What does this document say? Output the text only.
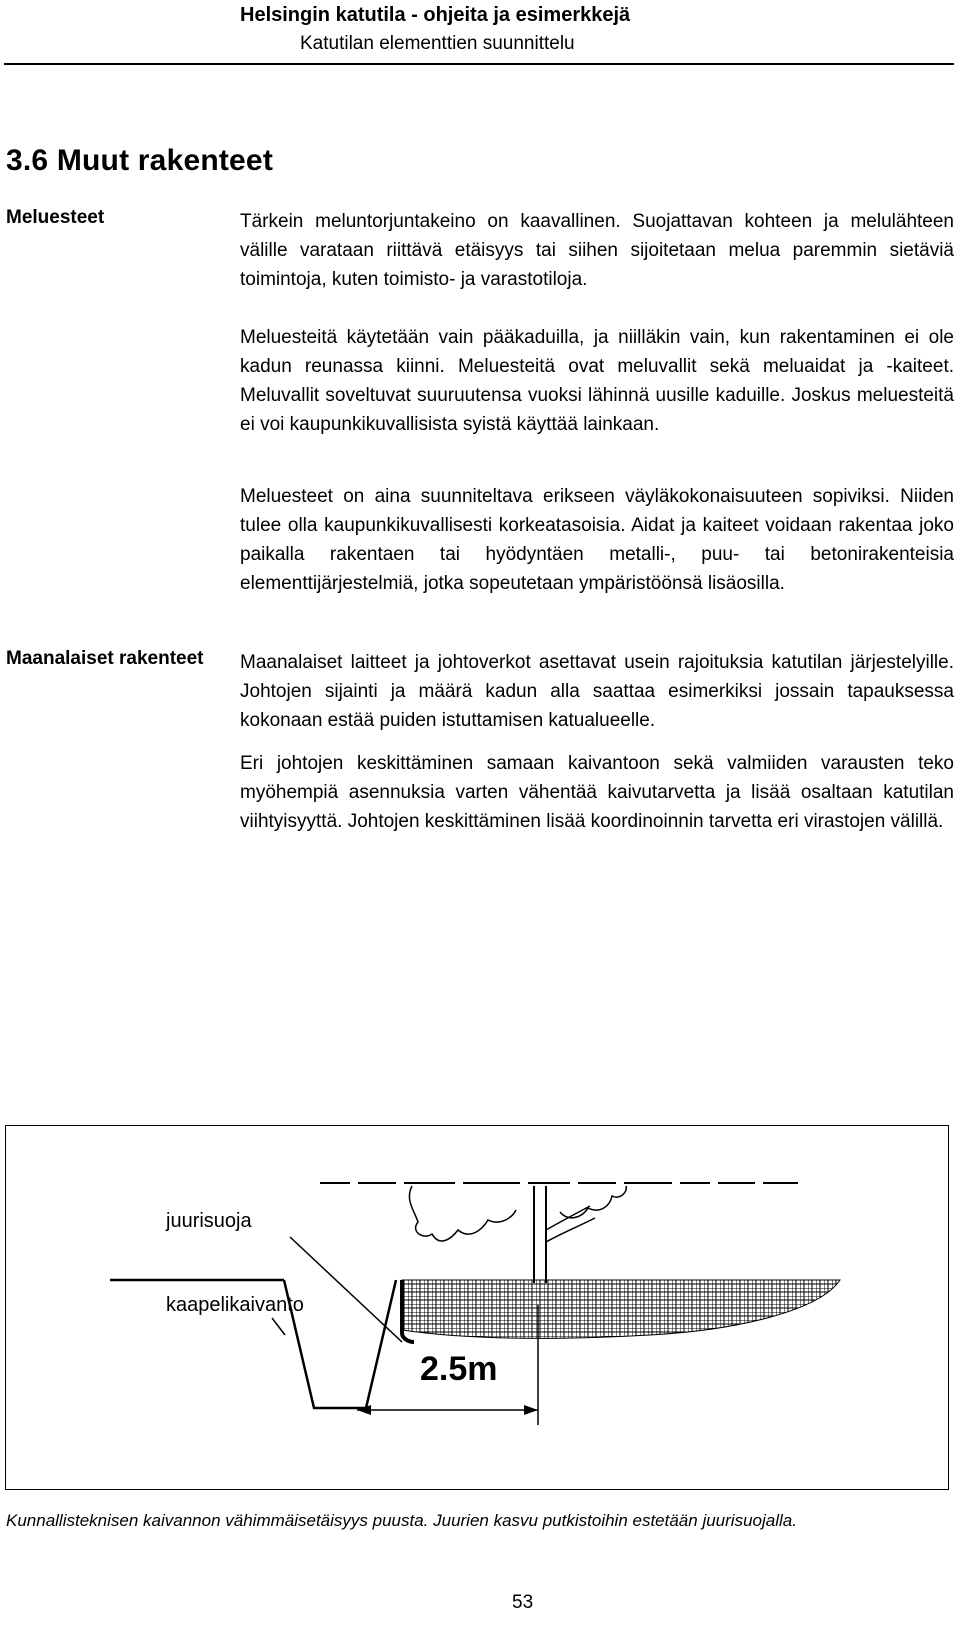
Helsingin katutila - ohjeita ja esimerkkejä
Katutilan elementtien suunnittelu
3.6 Muut rakenteet
Meluesteet	Tärkein meluntorjuntakeino on kaavallinen. Suojattavan kohteen ja melulähteen välille varataan riittävä etäisyys tai siihen sijoitetaan melua paremmin sietäviä toimintoja, kuten toimisto- ja varastotiloja.

Meluesteitä käytetään vain pääkaduilla, ja niilläkin vain, kun rakentaminen ei ole kadun reunassa kiinni. Meluesteitä ovat meluvallit sekä meluaidat ja -kaiteet. Meluvallit soveltuvat suuruutensa vuoksi lähinnä uusille kaduille. Joskus meluesteitä ei voi kaupunkikuvallisista syistä käyttää lainkaan.

Meluesteet on aina suunniteltava erikseen väyläkokonaisuuteen sopiviksi. Niiden tulee olla kaupunkikuvallisesti korkeatasoisia. Aidat ja kaiteet voidaan rakentaa joko paikalla rakentaen tai hyödyntäen metalli-, puu- tai betonirakenteisia elementtijärjestelmiä, jotka sopeutetaan ympäristöönsä lisäosilla.

Maanalaiset rakenteet Maanalaiset laitteet ja johtoverkot asettavat usein rajoituksia katutilan järjestelyille. Johtojen sijainti ja määrä kadun alla saattaa esimerkiksi jossain tapauksessa kokonaan estää puiden istuttamisen katualueelle.

Eri johtojen keskittäminen samaan kaivantoon sekä valmiiden varausten teko myöhempiä asennuksia varten vähentää kaivutarvetta ja lisää osaltaan katutilan viihtyisyyttä. Johtojen keskittäminen lisää koordinoinnin tarvetta eri virastojen välillä.

juurisuoja
kaapelikaivanto
2.5m
Kunnallisteknisen kaivannon vähimmäisetäisyys puusta. Juurien kasvu putkistoihin estetään juurisuojalla.
53
